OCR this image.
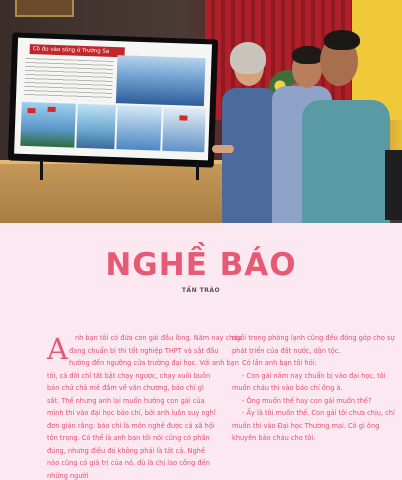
Cô đo vào sóng ở Trường Sa
NGHỀ BÁO
TẤN TRÀO
A	nh bạn tôi có đứa con gái đầu lòng. Năm nay cháu

đang chuẩn bị thi tốt nghiệp THPT và sắt đầu

hướng đến ngưỡng cửa trường đại học. Với anh bạn

tôi, cả đời chỉ tất bật chạy ngược, chạy xuôi buôn bán chứ chả mê đắm về văn chương, báo chí gì sất. Thế nhưng anh lại muốn hướng con gái của mình thi vào đại học báo chí, bởi anh luôn suy nghĩ đơn giản rằng: báo chí là môn nghề được cả xã hội tôn trọng. Có thể là anh bạn tôi nói cũng có phần đúng, nhưng điều đó không phải là tất cả. Nghề nào cũng có giá trị của nó, dù là chị lao công đến những người

ngồi trong phòng lạnh cũng đều đóng góp cho sự phát triển của đất nước, dân tộc.

Có lần anh bạn tôi hỏi:

- Con gái năm nay chuẩn bị vào đại học, tôi muốn cháu thi vào báo chí ông à.

- Ông muốn thế hay con gái muốn thế?

- Ấy là tôi muốn thế. Con gái tôi chưa chịu, chỉ muốn thi vào Đại học Thương mại. Cô gì ông khuyên bảo cháu cho tôi.
